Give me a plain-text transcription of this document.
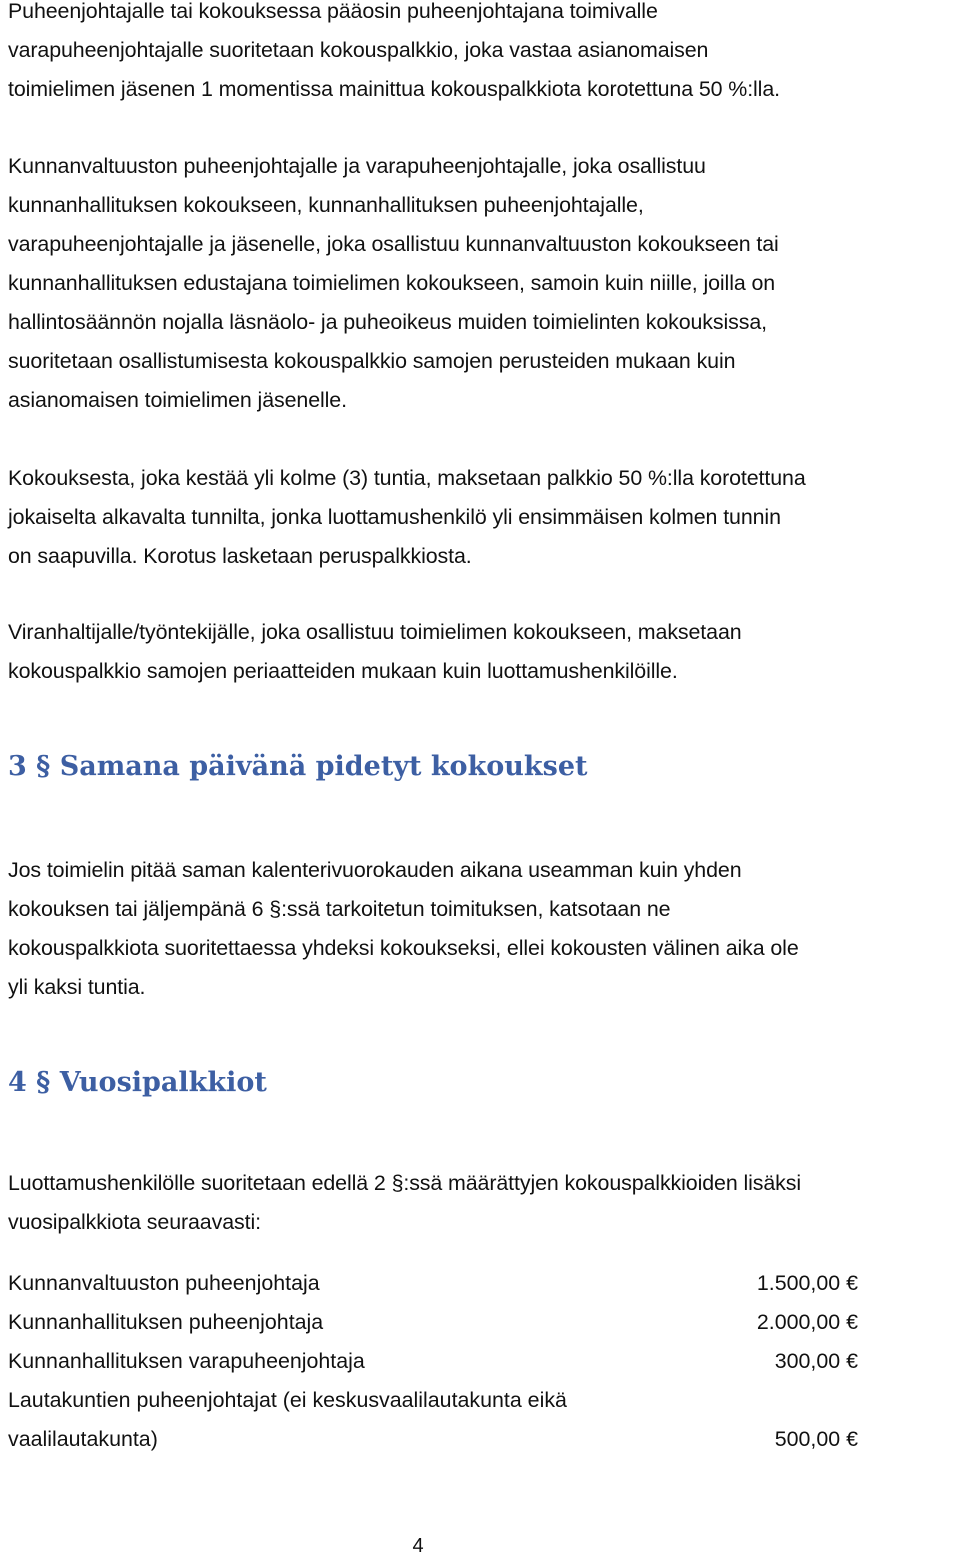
Puheenjohtajalle tai kokouksessa pääosin puheenjohtajana toimivalle
varapuheenjohtajalle suoritetaan kokouspalkkio, joka vastaa asianomaisen
toimielimen jäsenen 1 momentissa mainittua kokouspalkkiota korotettuna 50 %:lla.

Kunnanvaltuuston puheenjohtajalle ja varapuheenjohtajalle, joka osallistuu
kunnanhallituksen kokoukseen, kunnanhallituksen puheenjohtajalle,
varapuheenjohtajalle ja jäsenelle, joka osallistuu kunnanvaltuuston kokoukseen tai
kunnanhallituksen edustajana toimielimen kokoukseen, samoin kuin niille, joilla on
hallintosäännön nojalla läsnäolo- ja puheoikeus muiden toimielinten kokouksissa,
suoritetaan osallistumisesta kokouspalkkio samojen perusteiden mukaan kuin
asianomaisen toimielimen jäsenelle.

Kokouksesta, joka kestää yli kolme (3) tuntia, maksetaan palkkio 50 %:lla korotettuna
jokaiselta alkavalta tunnilta, jonka luottamushenkilö yli ensimmäisen kolmen tunnin
on saapuvilla. Korotus lasketaan peruspalkkiosta.

Viranhaltijalle/työntekijälle, joka osallistuu toimielimen kokoukseen, maksetaan
kokouspalkkio samojen periaatteiden mukaan kuin luottamushenkilöille.

3 § Samana päivänä pidetyt kokoukset

Jos toimielin pitää saman kalenterivuorokauden aikana useamman kuin yhden
kokouksen tai jäljempänä 6 §:ssä tarkoitetun toimituksen, katsotaan ne
kokouspalkkiota suoritettaessa yhdeksi kokoukseksi, ellei kokousten välinen aika ole
yli kaksi tuntia.

4 § Vuosipalkkiot

Luottamushenkilölle suoritetaan edellä 2 §:ssä määrättyjen kokouspalkkioiden lisäksi
vuosipalkkiota seuraavasti:

Kunnanvaltuuston puheenjohtaja	1.500,00 €
Kunnanhallituksen puheenjohtaja	2.000,00 €
Kunnanhallituksen varapuheenjohtaja	300,00 €
Lautakuntien puheenjohtajat (ei keskusvaalilautakunta eikä
vaalilautakunta)	500,00 €
4
